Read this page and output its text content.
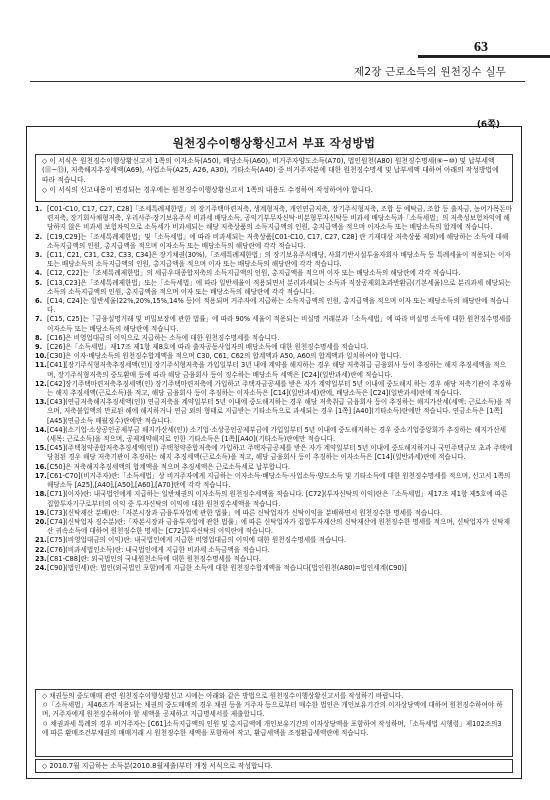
63
제2장 근로소득의 원천징수 실무
(6쪽)
원천징수이행상황신고서 부표 작성방법

◇ 이 서식은 원천징수이행상황신고서 1쪽의 이자소득(A50), 배당소득(A60), 비거주자양도소득(A70), 법인원천(A80) 원천징수명세(⑥~⑩) 및 납부세액(⑪~⑬), 저축해지추징세액(A69), 사업소득(A25, A26, A30), 기타소득(A40) 중 비거주자분에 대한 원천징수명세 및 납부세액 대하여 아래의 작성방법에 따라 적습니다.

◇ 이 서식의 신고내용이 변경되는 경우에는 원천징수이행상황신고서 1쪽의 내용도 수정하여 작성하여야 합니다.

1. [C01-C10, C17, C27, C28]「조세특례제한법」의 장기주택마련저축, 생계형저축, 개인연금저축, 장기주식형저축, 조합 등 예탁금, 조합 등 출자금, 농어가목돈마련저축, 장기회사채형저축, 우리사주·장기보유주식 비과세 배당소득, 공익기부무자신탁·비분형무자신탁등 비과세 배당소득과「소득세법」의 저축성보험차익에 해당하지 않은 비과세 보험차익으로 소득세가 비과세되는 해당 저축상품의 소득지급액의 인원, 총지급액을 적으며 이자소득 또는 배당소득의 합계에 적습니다.
2. [C19,C29]는「조세특례제한법」및「소득세법」에 따라 비과세되는 저축상품[C01-C10, C17, C27, C28] 란 기재대상 저축상품 제외)에 해당하는 소득에 대해 소득지급액의 인원, 총지급액을 적으며 이자소득 또는 배당소득의 해당란에 각각 적습니다.
3. [C11, C21, C31, C32, C33, C34]은 장기채권(30%),「조세특례제한법」의 장기보유주식배당, 사회기반시설투융자회사 배당소득 등 특례세율이 적용되는 이자 또는 배당소득의 소득지급액의 인원, 총지급액을 적으며 이자 또는 배당소득의 해당란에 각각 적습니다.
4. [C12, C22]는「조세특례제한법」의 세금우대종합저축의 소득지급액의 인원, 총지급액을 적으며 이자 또는 배당소득의 해당란에 각각 적습니다.
5. [C13,C23]은「조세특례제한법」또는「소득세법」에 따라 일반세율이 적용되면서 분리과세되는 소득과 직장공제회초과반환금(기본세율)으로 분리과세 해당되는 소득의 소득지급액의 인원, 총지급액을 적으며 이자 또는 배당소득의 해당란에 각각 적습니다.
6. [C14, C24]는 일반세율(22%,20%,15%,14% 등)이 적용되며 거주자에 지급하는 소득지급액의 인원, 총지급액을 적으며 이자 또는 배당소득의 해당란에 적습니다.
7. [C15, C25]는「금융실명거래 및 비밀보장에 관한 법률」에 따라 90% 세율이 적용되는 비실명 거래분과「소득세법」에 따라 비실명 소득에 대한 원천징수명세를 이자소득 또는 배당소득의 해당란에 적습니다.
8. [C16]은 비영업대금의 이익으로 지급하는 소득에 대한 원천징수명세를 적습니다.
9. [C26]은「소득세법」제17조 제1항 제8호에 따라 출자공동사업자의 배당소득에 대한 원천징수명세를 적습니다.
10. [C30]은 이자·배당소득의 원천징수합계액을 적으며 C30, C61, C62의 합계액과 A50, A60의 합계액과 일치하여야 합니다.
11. [C41][장기주식형저축추징세액(인)] 장기주식형저축을 가입일부터 3년 내에 계약을 해지하는 경우 해당 저축취급 금융회사 등이 추징하는 해지 추징세액을 적으며, 장기주식형저축의 중도환매 등에 따라 해당 금융회사 등이 징수하는 배당소득 세액은 [C24](일반과세)란에 적습니다.
12. [C42]장기주택마련저축추징세액(인) 장기주택마련저축에 가입하고 주택자금공제를 받은 자가 계약일부터 5년 이내에 중도해지 하는 경우 해당 저축기관이 추징하는 해지 추징세액(근로소득)을 적고, 해당 금융회사 등이 추징하는 이자소득은 [C14](일반과세)란에, 배당소득은 [C24](일반과세)란에 적습니다.
13. [C43](연금저축해지추징세액(인)) 연금저축을 계약일부터 5년 이내에 중도해지하는 경우 해당 저축취급 금융회사 등이 추징하는 해지가산세(세액: 근로소득)을 적으며, 저축불입액의 만료된 해에 해지하거나 연금 외의 형태로 지급받는 기타소득으로 과세되는 경우 [1쪽] [A40](기타소득)란에만 적습니다. 연금소득은 [1쪽] [A45](연금소득 매월징수)란에만 적습니다.
14. [C44](소기업·소상공인공제부금 해지가산세(인)) 소기업·소상공인공제부금에 가입일부터 5년 이내에 중도해지하는 경우 중소기업중앙회가 추징하는 해지가산세(세목: 근로소득)을 적으며, 공제계약해지로 인한 기타소득은 [1쪽][A40](기타소득)란에만 적습니다.
15. [C45](주택청약종합저축추징세액(인)) 주택청약종합저축에 가입하고 주택자금공제를 받은 자가 계약일부터 5년 이내에 중도해지하거나 국민주택규모 초과 주택에 당첨된 경우 해당 저축기관이 추징하는 해지 추징세액(근로소득)을 적고, 해당 금융회사 등이 추징하는 이자소득은 [C14](일반과세)란에 적습니다.
16. [C50]은 저축해지추징세액의 합계액을 적으며 추징세액은 근로소득세로 납부합니다.
17. [C61-C70](비거주자)란:「소득세법」상 비거주자에게 지급하는 이자소득·배당소득·사업소득·양도소득 및 기타소득에 대한 원천징수명세를 적으며, 신고서 1쪽의 해당소득 [A25],[A40],[A50],[A60],[A70]란에 각각 적습니다.
18. [C71](이자)란: 내국법인에게 지급하는 일반채권의 이자소득의 원천징수세액을 적습니다. [C72](투자신탁의 이익)란은「소득세법」제17조 제1항 제5호에 따른 집합투자기구로부터의 이익 중 투자신탁의 이익에 대한 원천징수세액을 적습니다.
19. [C73](신탁재산 분배)란:「자본시장과 금융투자업에 관한 법률」에 따른 신탁업자가 신탁이익을 분배하면서 원천징수한 명세를 적습니다.
20. [C74](신탁업자 징수분)란:「자본시장과 금융투자업에 관한 법률」에 따른 신탁업자가 집합투자재산의 신탁재산에 원천징수한 명세를 적으며, 신탁업자가 신탁재산 귀속소득에 대하여 원천징수한 명세는 [C72]투자신탁의 이익란에 적습니다.
21. [C75](비영업대금의 이익)란: 내국법인에게 지급한 비영업대금의 이익에 대한 원천징수명세를 적습니다.
22. [C76](비과세법인소득)란: 내국법인에게 지급한 비과세 소득금액을 적습니다.
23. [C81-C88]란: 외국법인의 국내원천소득에 대한 원천징수명세를 적습니다.
24. [C90](법인세)란: 법인(외국법인 포함)에게 지급한 소득에 대한 원천징수합계액을 적습니다[법인원천(A80)=법인세계(C90)]

◇ 채권등의 중도매매 관련 원천징수이행상황신고 시에는 아래와 같은 방법으로 원천징수이행상황신고서를 작성하기 바랍니다.

ㅇ「소득세법」제46조가 적용되는 채권의 중도매매의 경우 채권 등을 거주자 등으로부터 매수한 법인은 개인보유기간의 이자상당액에 대하여 원천징수하여야 하며, 거주자에게 원천징수하여야 할 세액을 공제하고 지급명세서를 제출합니다.

ㅇ 채권과세 특례의 경우 비거주자는 [C61]소득지급액의 인원 및 총지급액에 개인보유기간의 이자상당액을 포함하여 작성하며,「소득세법 시행령」제102조의3에 따른 환매조건부채권의 매매거래 시 원천징수한 세액을 포함하여 작고, 환급세액을 조정환급세액란에 적습니다.

◇ 2010.7월 지급하는 소득분(2010.8월제출)부터 개정 서식으로 작성합니다.
